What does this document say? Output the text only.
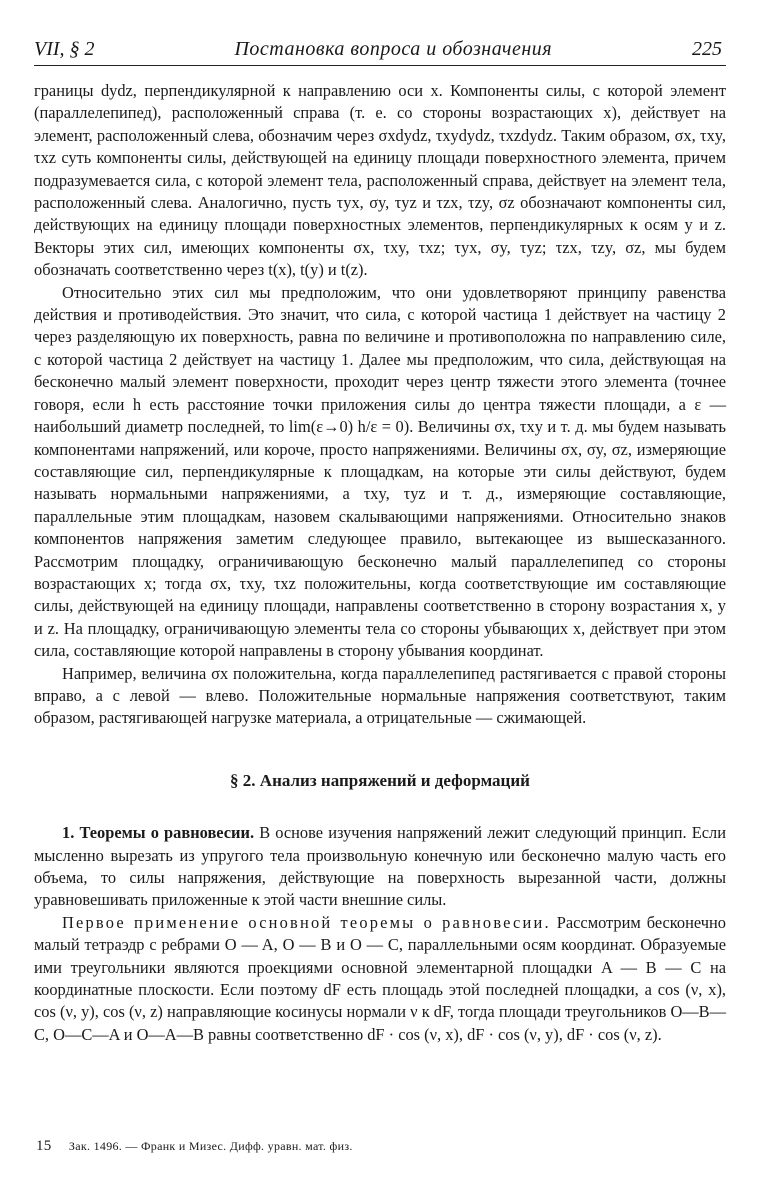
VII, § 2	Постановка вопроса и обозначения	225

границы dydz, перпендикулярной к направлению оси x. Компоненты силы, с которой элемент (параллелепипед), расположенный справа (т. е. со стороны возрастающих x), действует на элемент, расположенный слева, обозначим через σxdydz, τxydydz, τxzdydz. Таким образом, σx, τxy, τxz суть компоненты силы, действующей на единицу площади поверхностного элемента, причем подразумевается сила, с которой элемент тела, расположенный справа, действует на элемент тела, расположенный слева. Аналогично, пусть τyx, σy, τyz и τzx, τzy, σz обозначают компоненты сил, действующих на единицу площади поверхностных элементов, перпендикулярных к осям y и z. Векторы этих сил, имеющих компоненты σx, τxy, τxz; τyx, σy, τyz; τzx, τzy, σz, мы будем обозначать соответственно через t(x), t(y) и t(z).

Относительно этих сил мы предположим, что они удовлетворяют принципу равенства действия и противодействия. Это значит, что сила, с которой частица 1 действует на частицу 2 через разделяющую их поверхность, равна по величине и противоположна по направлению силе, с которой частица 2 действует на частицу 1. Далее мы предположим, что сила, действующая на бесконечно малый элемент поверхности, проходит через центр тяжести этого элемента (точнее говоря, если h есть расстояние точки приложения силы до центра тяжести площади, а ε — наибольший диаметр последней, то lim(ε→0) h/ε = 0). Величины σx, τxy и т. д. мы будем называть компонентами напряжений, или короче, просто напряжениями. Величины σx, σy, σz, измеряющие составляющие сил, перпендикулярные к площадкам, на которые эти силы действуют, будем называть нормальными напряжениями, а τxy, τyz и т. д., измеряющие составляющие, параллельные этим площадкам, назовем скалывающими напряжениями. Относительно знаков компонентов напряжения заметим следующее правило, вытекающее из вышесказанного. Рассмотрим площадку, ограничивающую бесконечно малый параллелепипед со стороны возрастающих x; тогда σx, τxy, τxz положительны, когда соответствующие им составляющие силы, действующей на единицу площади, направлены соответственно в сторону возрастания x, y и z. На площадку, ограничивающую элементы тела со стороны убывающих x, действует при этом сила, составляющие которой направлены в сторону убывания координат.

Например, величина σx положительна, когда параллелепипед растягивается с правой стороны вправо, а с левой — влево. Положительные нормальные напряжения соответствуют, таким образом, растягивающей нагрузке материала, а отрицательные — сжимающей.

§ 2. Анализ напряжений и деформаций

1. Теоремы о равновесии. В основе изучения напряжений лежит следующий принцип. Если мысленно вырезать из упругого тела произвольную конечную или бесконечно малую часть его объема, то силы напряжения, действующие на поверхность вырезанной части, должны уравновешивать приложенные к этой части внешние силы.

Первое применение основной теоремы о равновесии. Рассмотрим бесконечно малый тетраэдр с ребрами O — A, O — B и O — C, параллельными осям координат. Образуемые ими треугольники являются проекциями основной элементарной площадки A — B — C на координатные плоскости. Если поэтому dF есть площадь этой последней площадки, а cos (ν, x), cos (ν, y), cos (ν, z) направляющие косинусы нормали ν к dF, тогда площади треугольников O—B—C, O—C—A и O—A—B равны соответственно dF · cos (ν, x), dF · cos (ν, y), dF · cos (ν, z).

15 Зак. 1496. — Франк и Мизес. Дифф. уравн. мат. физ.
